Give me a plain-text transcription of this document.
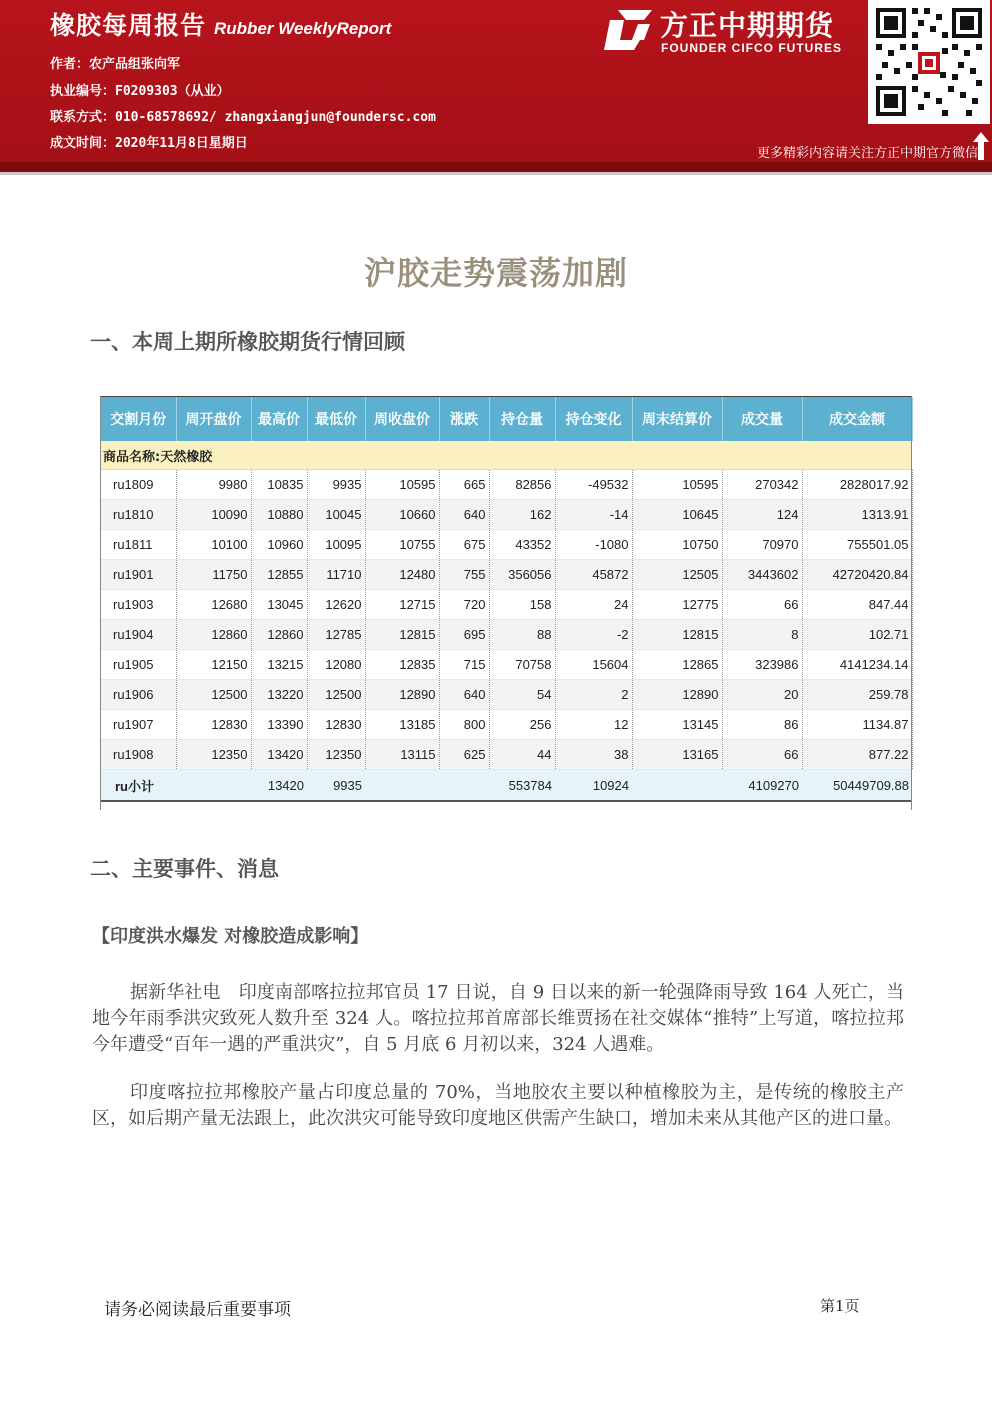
橡胶每周报告 Rubber WeeklyReport
作者：农产品组张向军
执业编号：F0209303（从业）
联系方式：010-68578692/ zhangxiangjun@foundersc.com
成文时间：2020年11月8日星期日
方正中期期货
FOUNDER CIFCO FUTURES
更多精彩内容请关注方正中期官方微信
沪胶走势震荡加剧
一、本周上期所橡胶期货行情回顾
交割月份	周开盘价	最高价	最低价	周收盘价	涨跌	持仓量	持仓变化	周末结算价	成交量	成交金额
商品名称:天然橡胶										
ru1809	9980	10835	9935	10595	665	82856	-49532	10595	270342	2828017.92
ru1810	10090	10880	10045	10660	640	162	-14	10645	124	1313.91
ru1811	10100	10960	10095	10755	675	43352	-1080	10750	70970	755501.05
ru1901	11750	12855	11710	12480	755	356056	45872	12505	3443602	42720420.84
ru1903	12680	13045	12620	12715	720	158	24	12775	66	847.44
ru1904	12860	12860	12785	12815	695	88	-2	12815	8	102.71
ru1905	12150	13215	12080	12835	715	70758	15604	12865	323986	4141234.14
ru1906	12500	13220	12500	12890	640	54	2	12890	20	259.78
ru1907	12830	13390	12830	13185	800	256	12	13145	86	1134.87
ru1908	12350	13420	12350	13115	625	44	38	13165	66	877.22
ru小计		13420	9935			553784	10924		4109270	50449709.88
二、主要事件、消息
【印度洪水爆发 对橡胶造成影响】
据新华社电　印度南部喀拉拉邦官员 17 日说，自 9 日以来的新一轮强降雨导致 164 人死亡，当地今年雨季洪灾致死人数升至 324 人。喀拉拉邦首席部长维贾扬在社交媒体“推特”上写道，喀拉拉邦今年遭受“百年一遇的严重洪灾”，自 5 月底 6 月初以来，324 人遇难。
印度喀拉拉邦橡胶产量占印度总量的 70%，当地胶农主要以种植橡胶为主，是传统的橡胶主产区，如后期产量无法跟上，此次洪灾可能导致印度地区供需产生缺口，增加未来从其他产区的进口量。
请务必阅读最后重要事项	第1页
